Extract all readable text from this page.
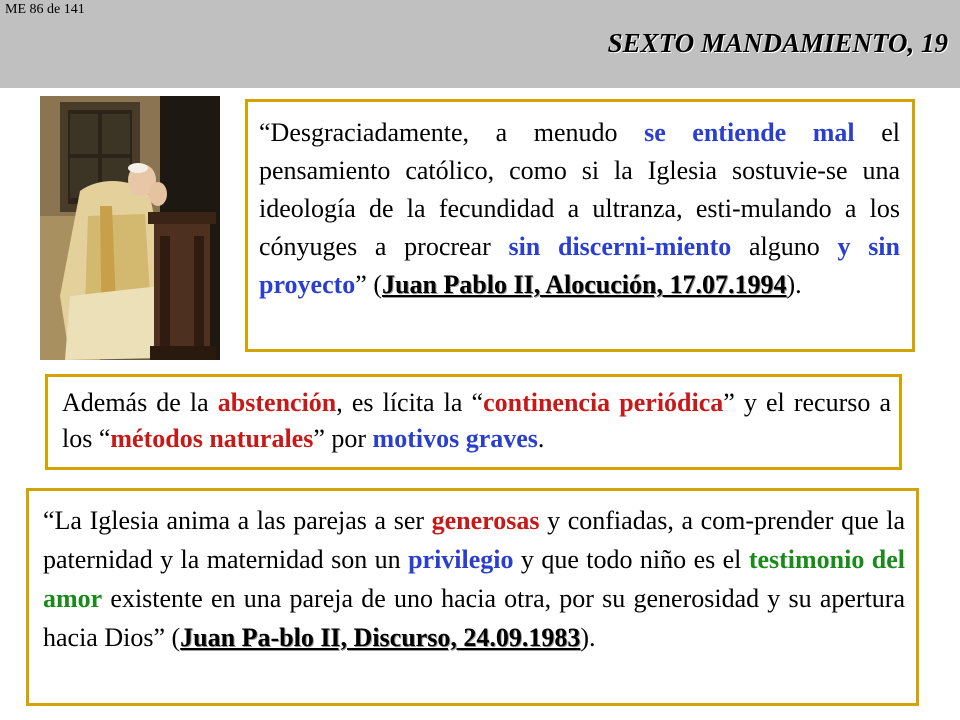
ME 86 de 141
SEXTO MANDAMIENTO, 19

“Desgraciadamente, a menudo se entiende mal el pensamiento católico, como si la Iglesia sostuvie-se una ideología de la fecundidad a ultranza, esti-mulando a los cónyuges a procrear sin discerni-miento alguno y sin proyecto” (Juan Pablo II, Alocución, 17.07.1994).

Además de la abstención, es lícita la “continencia periódica” y el recurso a los “métodos naturales” por motivos graves.

“La Iglesia anima a las parejas a ser generosas y confiadas, a com-prender que la paternidad y la maternidad son un privilegio y que todo niño es el testimonio del amor existente en una pareja de uno hacia otra, por su generosidad y su apertura hacia Dios” (Juan Pa-blo II, Discurso, 24.09.1983).
